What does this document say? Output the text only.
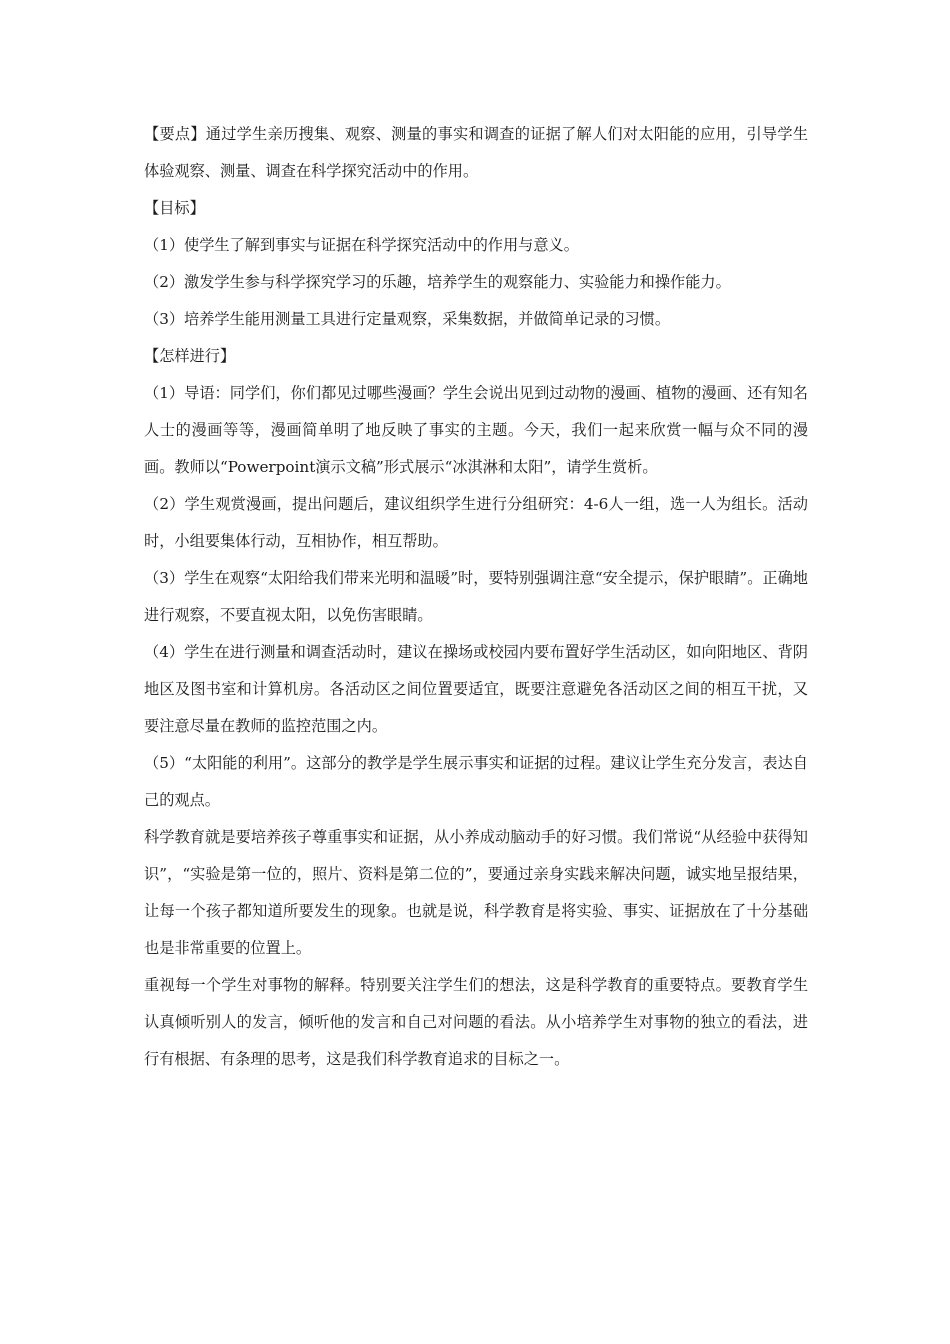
【要点】通过学生亲历搜集、观察、测量的事实和调查的证据了解人们对太阳能的应用，引导学生体验观察、测量、调查在科学探究活动中的作用。

【目标】

（1）使学生了解到事实与证据在科学探究活动中的作用与意义。

（2）激发学生参与科学探究学习的乐趣，培养学生的观察能力、实验能力和操作能力。

（3）培养学生能用测量工具进行定量观察，采集数据，并做简单记录的习惯。

【怎样进行】

（1）导语：同学们，你们都见过哪些漫画？学生会说出见到过动物的漫画、植物的漫画、还有知名人士的漫画等等，漫画简单明了地反映了事实的主题。今天，我们一起来欣赏一幅与众不同的漫画。教师以“Powerpoint演示文稿”形式展示“冰淇淋和太阳”，请学生赏析。

（2）学生观赏漫画，提出问题后，建议组织学生进行分组研究：4-6人一组，选一人为组长。活动时，小组要集体行动，互相协作，相互帮助。

（3）学生在观察“太阳给我们带来光明和温暖”时，要特别强调注意“安全提示，保护眼睛”。正确地进行观察，不要直视太阳，以免伤害眼睛。

（4）学生在进行测量和调查活动时，建议在操场或校园内要布置好学生活动区，如向阳地区、背阴地区及图书室和计算机房。各活动区之间位置要适宜，既要注意避免各活动区之间的相互干扰，又要注意尽量在教师的监控范围之内。

（5）“太阳能的利用”。这部分的教学是学生展示事实和证据的过程。建议让学生充分发言，表达自己的观点。

科学教育就是要培养孩子尊重事实和证据，从小养成动脑动手的好习惯。我们常说“从经验中获得知识”，“实验是第一位的，照片、资料是第二位的”，要通过亲身实践来解决问题，诚实地呈报结果，让每一个孩子都知道所要发生的现象。也就是说，科学教育是将实验、事实、证据放在了十分基础也是非常重要的位置上。

重视每一个学生对事物的解释。特别要关注学生们的想法，这是科学教育的重要特点。要教育学生认真倾听别人的发言，倾听他的发言和自己对问题的看法。从小培养学生对事物的独立的看法，进行有根据、有条理的思考，这是我们科学教育追求的目标之一。
